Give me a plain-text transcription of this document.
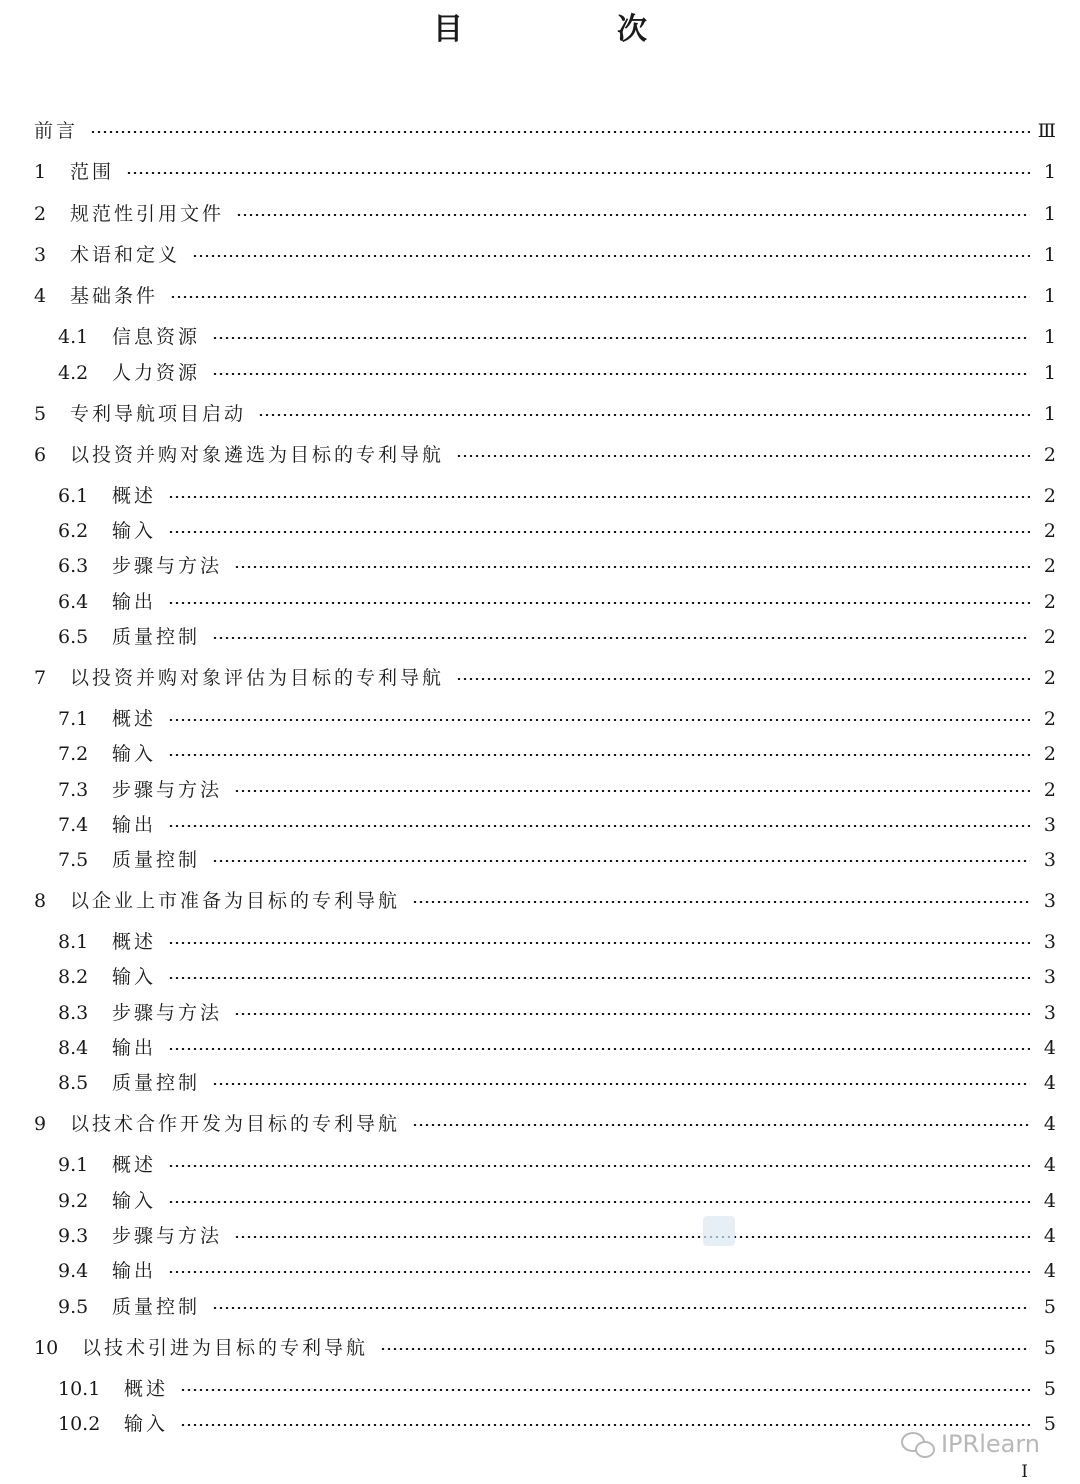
目　次
前言	Ⅲ
1 范围	1
2 规范性引用文件	1
3 术语和定义	1
4 基础条件	1
4.1 信息资源	1
4.2 人力资源	1
5 专利导航项目启动	1
6 以投资并购对象遴选为目标的专利导航	2
6.1 概述	2
6.2 输入	2
6.3 步骤与方法	2
6.4 输出	2
6.5 质量控制	2
7 以投资并购对象评估为目标的专利导航	2
7.1 概述	2
7.2 输入	2
7.3 步骤与方法	2
7.4 输出	3
7.5 质量控制	3
8 以企业上市准备为目标的专利导航	3
8.1 概述	3
8.2 输入	3
8.3 步骤与方法	3
8.4 输出	4
8.5 质量控制	4
9 以技术合作开发为目标的专利导航	4
9.1 概述	4
9.2 输入	4
9.3 步骤与方法	4
9.4 输出	4
9.5 质量控制	5
10 以技术引进为目标的专利导航	5
10.1 概述	5
10.2 输入	5
IPRlearn
I
